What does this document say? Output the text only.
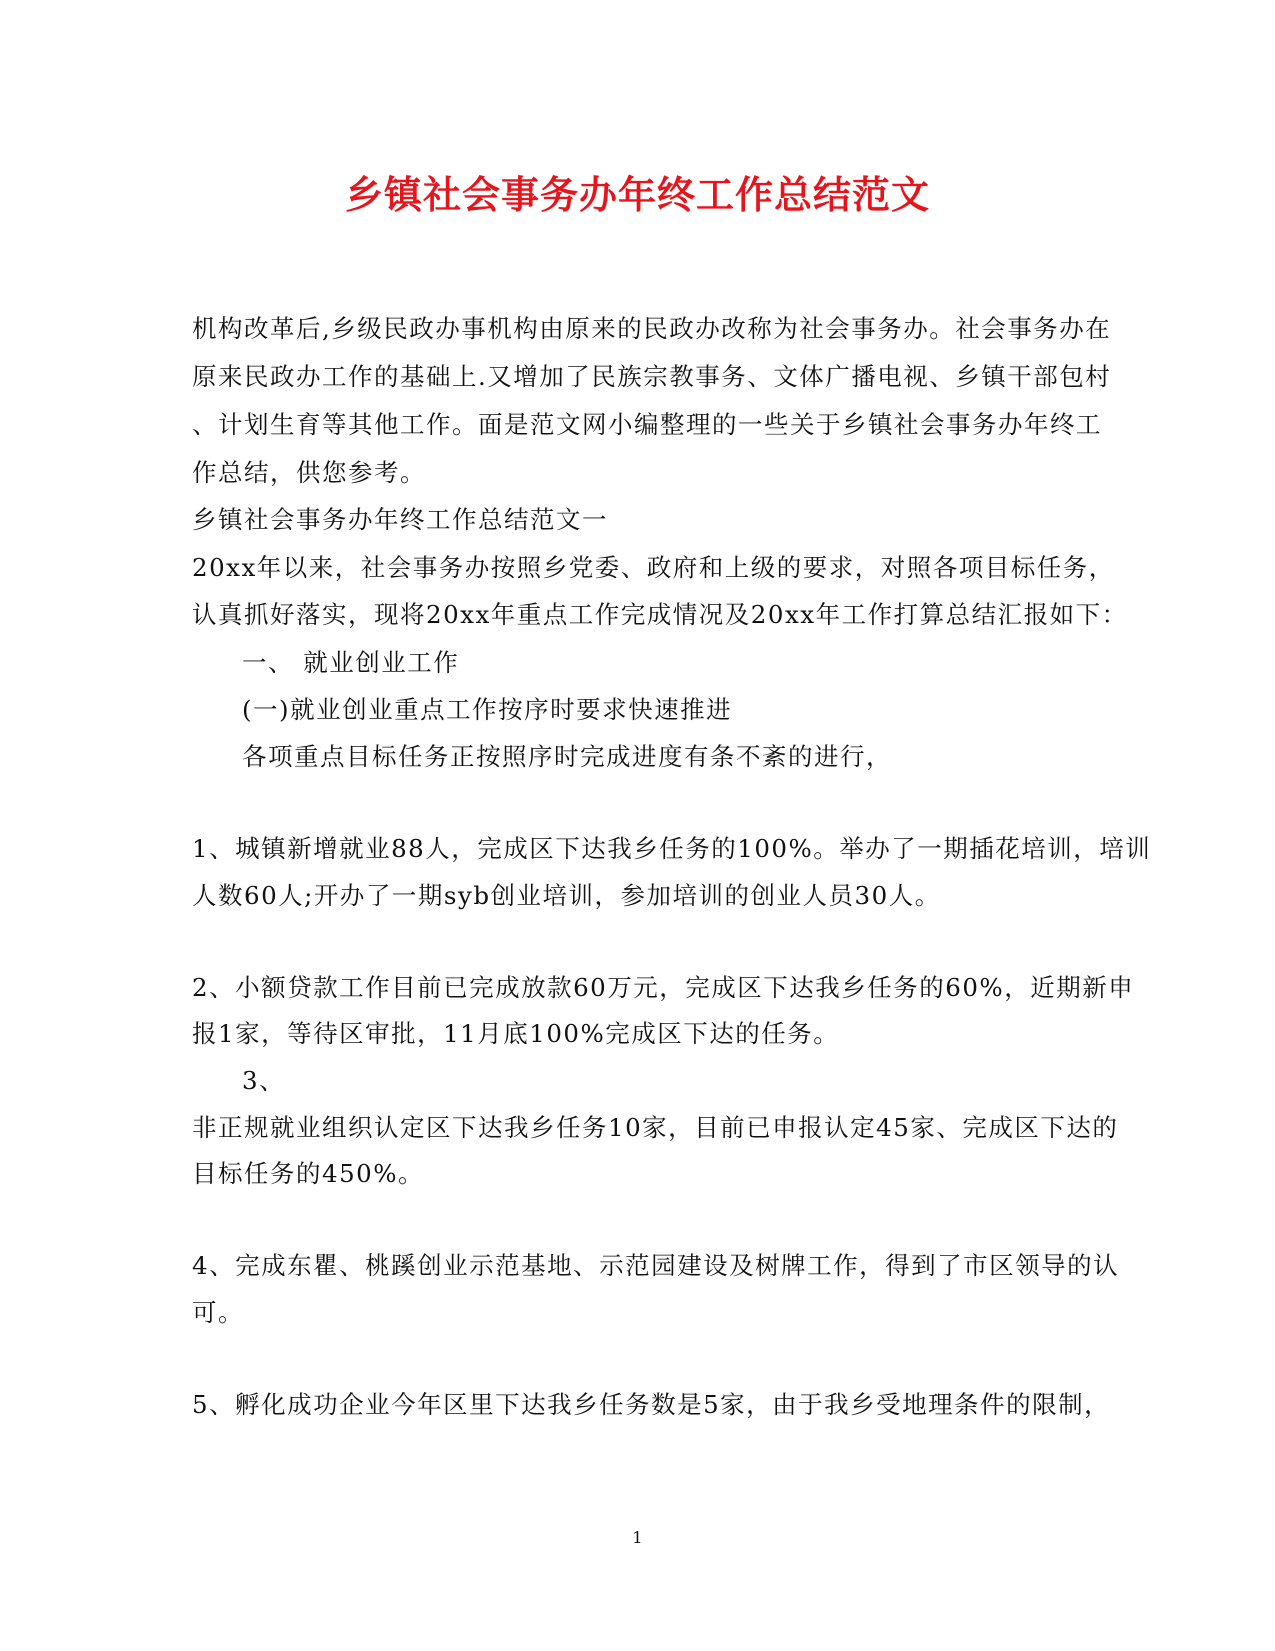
乡镇社会事务办年终工作总结范文
机构改革后,乡级民政办事机构由原来的民政办改称为社会事务办。社会事务办在
原来民政办工作的基础上.又增加了民族宗教事务、文体广播电视、乡镇干部包村
、计划生育等其他工作。面是范文网小编整理的一些关于乡镇社会事务办年终工
作总结，供您参考。
乡镇社会事务办年终工作总结范文一
20xx年以来，社会事务办按照乡党委、政府和上级的要求，对照各项目标任务，
认真抓好落实，现将20xx年重点工作完成情况及20xx年工作打算总结汇报如下：
一、 就业创业工作
(一)就业创业重点工作按序时要求快速推进
各项重点目标任务正按照序时完成进度有条不紊的进行，
1、城镇新增就业88人，完成区下达我乡任务的100%。举办了一期插花培训，培训
人数60人;开办了一期syb创业培训，参加培训的创业人员30人。
2、小额贷款工作目前已完成放款60万元，完成区下达我乡任务的60%，近期新申
报1家，等待区审批，11月底100%完成区下达的任务。
3、
非正规就业组织认定区下达我乡任务10家，目前已申报认定45家、完成区下达的
目标任务的450%。
4、完成东瞿、桃蹊创业示范基地、示范园建设及树牌工作，得到了市区领导的认
可。
5、孵化成功企业今年区里下达我乡任务数是5家，由于我乡受地理条件的限制，
1
